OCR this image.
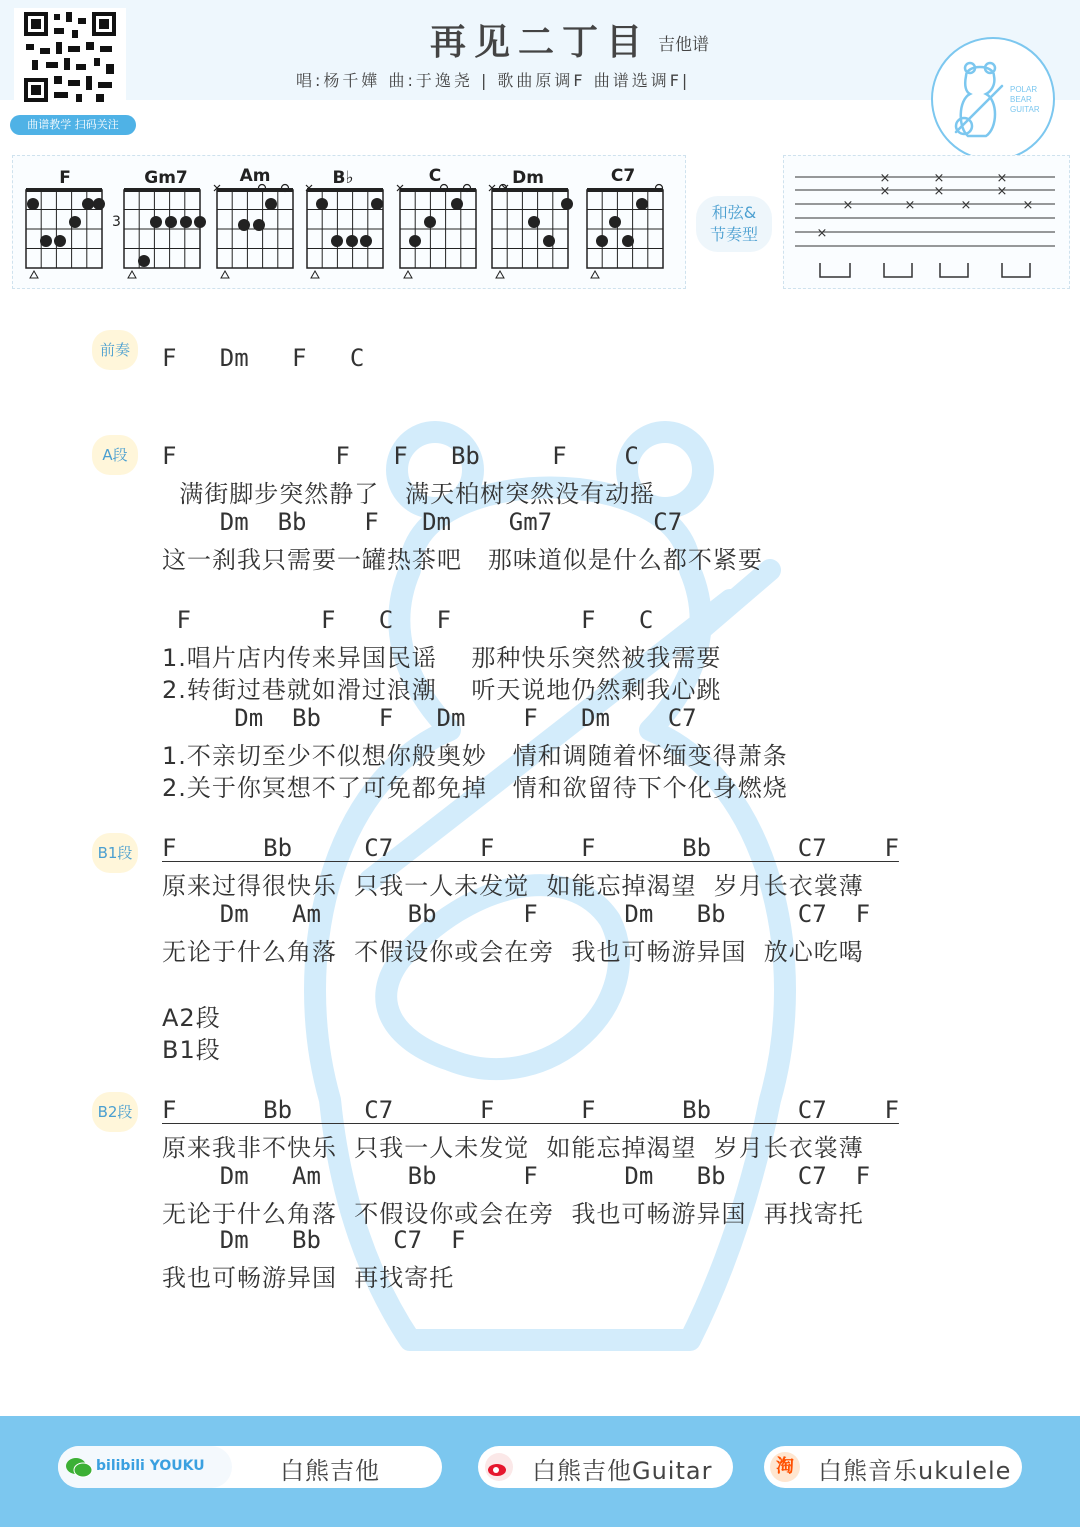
曲谱教学 扫码关注
再见二丁目 吉他谱
唱:杨千嬅 曲:于逸尧 | 歌曲原调F 曲谱选调F|	POLAR
BEAR
GUITAR
F	Gm7	Am	B♭	C	Dm	C7
3	和弦&
节奏型
×
×
×
×
×
×
×	×	×	×
×
前奏
A段
B1段
B2段
F   Dm   F   C
F           F   F   Bb     F    C
满街脚步突然静了   满天柏树突然没有动摇
Dm  Bb    F   Dm    Gm7       C7
这一刹我只需要一罐热茶吧   那味道似是什么都不紧要
F         F   C   F         F   C
1.唱片店内传来异国民谣    那种快乐突然被我需要
2.转街过巷就如滑过浪潮    听天说地仍然剩我心跳
Dm  Bb    F   Dm    F   Dm    C7
1.不亲切至少不似想你般奥妙   情和调随着怀缅变得萧条
2.关于你冥想不了可免都免掉   情和欲留待下个化身燃烧
F      Bb     C7      F      F      Bb      C7    F
原来过得很快乐  只我一人未发觉  如能忘掉渴望  岁月长衣裳薄
Dm   Am      Bb      F      Dm   Bb     C7  F
无论于什么角落  不假设你或会在旁  我也可畅游异国  放心吃喝
A2段
B1段
F      Bb     C7      F      F      Bb      C7    F
原来我非不快乐  只我一人未发觉  如能忘掉渴望  岁月长衣裳薄
Dm   Am      Bb      F      Dm   Bb     C7  F
无论于什么角落  不假设你或会在旁  我也可畅游异国  再找寄托
Dm   Bb     C7  F
我也可畅游异国  再找寄托
bilibili YOUKU	白熊吉他	白熊吉他Guitar	淘 白熊音乐ukulele
